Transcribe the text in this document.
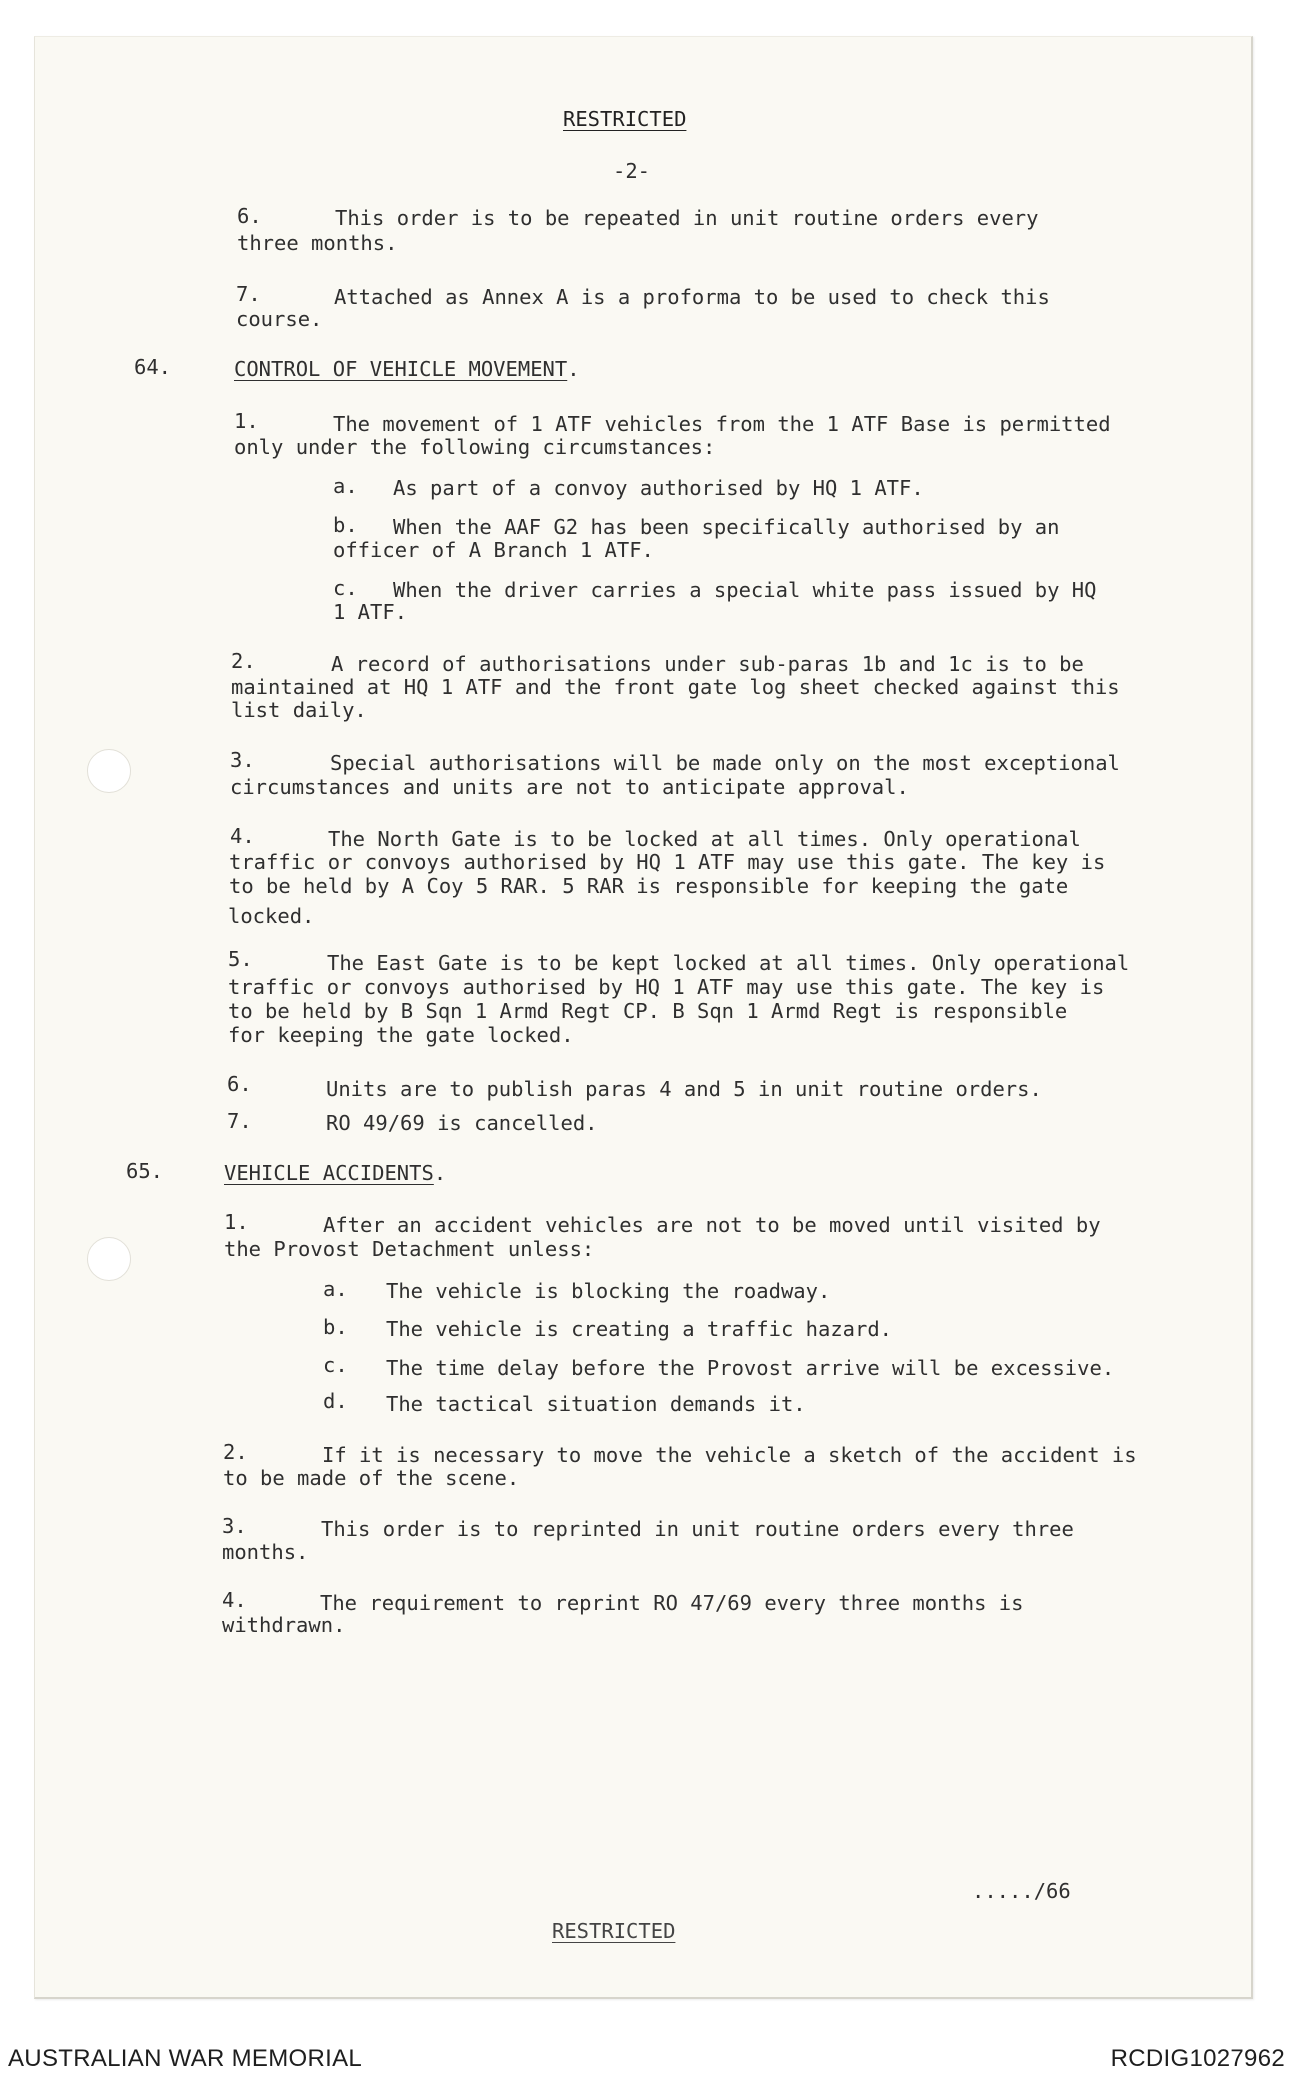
RESTRICTED
-2-
6.	This order is to be repeated in unit routine orders every
three months.
7.	Attached as Annex A is a proforma to be used to check this
course.
64.	CONTROL OF VEHICLE MOVEMENT.
1.	The movement of 1 ATF vehicles from the 1 ATF Base is permitted
only under the following circumstances:
a. As part of a convoy authorised by HQ 1 ATF.
b. When the AAF G2 has been specifically authorised by an
officer of A Branch 1 ATF.
c. When the driver carries a special white pass issued by HQ
1 ATF.
2.	A record of authorisations under sub-paras 1b and 1c is to be
maintained at HQ 1 ATF and the front gate log sheet checked against this
list daily.
3.	Special authorisations will be made only on the most exceptional
circumstances and units are not to anticipate approval.
4.	The North Gate is to be locked at all times. Only operational
traffic or convoys authorised by HQ 1 ATF may use this gate. The key is
to be held by A Coy 5 RAR. 5 RAR is responsible for keeping the gate
locked.
5.	The East Gate is to be kept locked at all times. Only operational
traffic or convoys authorised by HQ 1 ATF may use this gate. The key is
to be held by B Sqn 1 Armd Regt CP. B Sqn 1 Armd Regt is responsible
for keeping the gate locked.
6.	Units are to publish paras 4 and 5 in unit routine orders.
7.	RO 49/69 is cancelled.
65.	VEHICLE ACCIDENTS.
1.	After an accident vehicles are not to be moved until visited by
the Provost Detachment unless:
a. The vehicle is blocking the roadway.
b. The vehicle is creating a traffic hazard.
c. The time delay before the Provost arrive will be excessive.
d. The tactical situation demands it.
2.	If it is necessary to move the vehicle a sketch of the accident is
to be made of the scene.
3.	This order is to reprinted in unit routine orders every three
months.
4.	The requirement to reprint RO 47/69 every three months is
withdrawn.
...../66
RESTRICTED
AUSTRALIAN WAR MEMORIAL	RCDIG1027962
